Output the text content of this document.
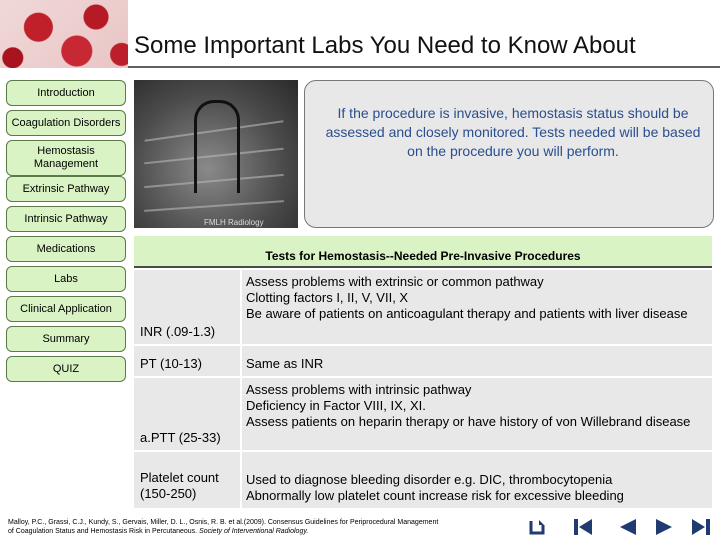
Some Important Labs You Need to Know About
Introduction
Coagulation Disorders
Hemostasis Management
Extrinsic Pathway
Intrinsic Pathway
Medications
Labs
Clinical Application
Summary
QUIZ
FMLH Radiology
If the procedure is invasive, hemostasis status should be assessed and closely monitored. Tests needed will be based on the procedure you will perform.
Tests for Hemostasis--Needed Pre-Invasive Procedures
INR (.09-1.3)
Assess problems with extrinsic or common pathway
Clotting factors I, II, V, VII, X
Be aware of patients on anticoagulant therapy and patients with liver disease
PT (10-13)	Same as INR
a.PTT (25-33)
Assess problems with intrinsic pathway
Deficiency in Factor VIII, IX, XI.
Assess patients on heparin therapy or have history of von Willebrand disease
Platelet count
(150-250)
Used to diagnose bleeding disorder e.g. DIC, thrombocytopenia
Abnormally low platelet count increase risk for excessive bleeding
Malloy, P.C., Grassi, C.J., Kundy, S., Gervais, Miller, D. L., Osnis, R. B. et al.(2009). Consensus Guidelines for Periprocedural Management
of Coagulation Status and Hemostasis Risk in Percutaneous. Society of Interventional Radiology.
